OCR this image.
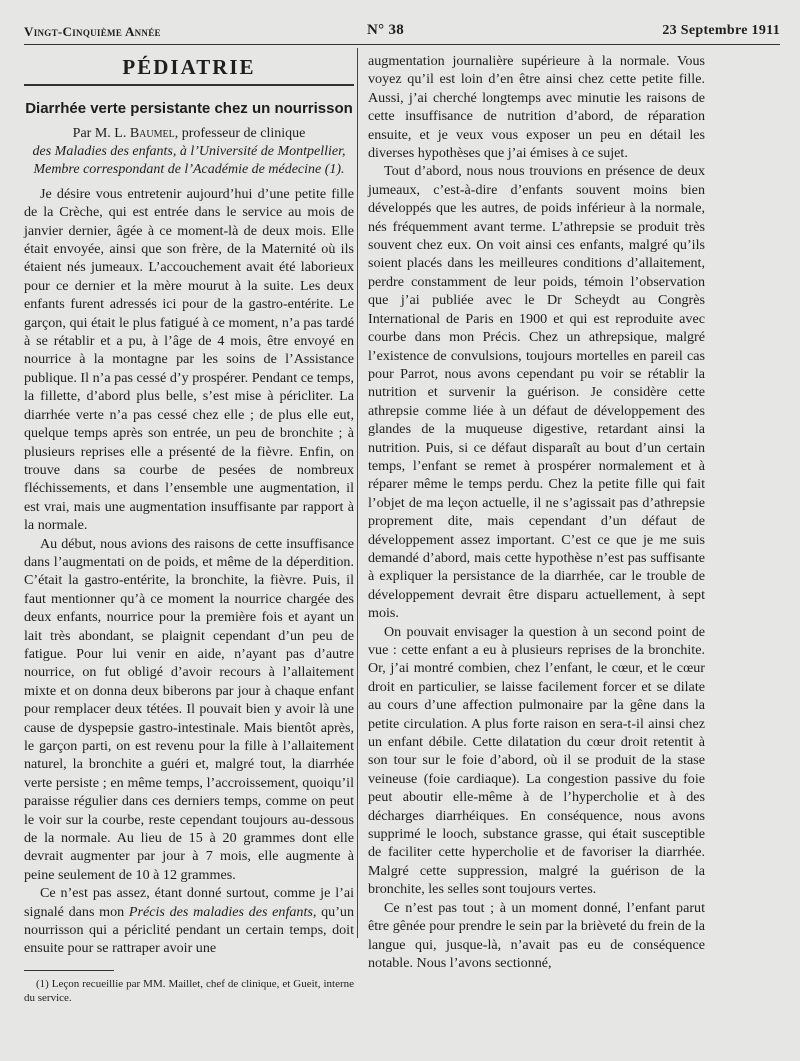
Vingt-Cinquième Année	N° 38	23 Septembre 1911
PÉDIATRIE
Diarrhée verte persistante chez un nourrisson
Par M. L. Baumel, professeur de clinique
des Maladies des enfants, à l’Université de Montpellier,
Membre correspondant de l’Académie de médecine (1).

Je désire vous entretenir aujourd’hui d’une petite fille de la Crèche, qui est entrée dans le service au mois de janvier dernier, âgée à ce moment-là de deux mois. Elle était envoyée, ainsi que son frère, de la Maternité où ils étaient nés jumeaux. L’accouchement avait été laborieux pour ce dernier et la mère mourut à la suite. Les deux enfants furent adressés ici pour de la gastro-entérite. Le garçon, qui était le plus fatigué à ce moment, n’a pas tardé à se rétablir et a pu, à l’âge de 4 mois, être envoyé en nourrice à la montagne par les soins de l’Assistance publique. Il n’a pas cessé d’y prospérer. Pendant ce temps, la fillette, d’abord plus belle, s’est mise à péricliter. La diarrhée verte n’a pas cessé chez elle ; de plus elle eut, quelque temps après son entrée, un peu de bronchite ; à plusieurs reprises elle a présenté de la fièvre. Enfin, on trouve dans sa courbe de pesées de nombreux fléchissements, et dans l’ensemble une augmentation, il est vrai, mais une augmentation insuffisante par rapport à la normale.

Au début, nous avions des raisons de cette insuffisance dans l’augmentati on de poids, et même de la déperdition. C’était la gastro-entérite, la bronchite, la fièvre. Puis, il faut mentionner qu’à ce moment la nourrice chargée des deux enfants, nourrice pour la première fois et ayant un lait très abondant, se plaignit cependant d’un peu de fatigue. Pour lui venir en aide, n’ayant pas d’autre nourrice, on fut obligé d’avoir recours à l’allaitement mixte et on donna deux biberons par jour à chaque enfant pour remplacer deux tétées. Il pouvait bien y avoir là une cause de dyspepsie gastro-intestinale. Mais bientôt après, le garçon parti, on est revenu pour la fille à l’allaitement naturel, la bronchite a guéri et, malgré tout, la diarrhée verte persiste ; en même temps, l’accroissement, quoiqu’il paraisse régulier dans ces derniers temps, comme on peut le voir sur la courbe, reste cependant toujours au-dessous de la normale. Au lieu de 15 à 20 grammes dont elle devrait augmenter par jour à 7 mois, elle augmente à peine seulement de 10 à 12 grammes.

Ce n’est pas assez, étant donné surtout, comme je l’ai signalé dans mon Précis des maladies des enfants, qu’un nourrisson qui a périclité pendant un certain temps, doit ensuite pour se rattraper avoir une

(1) Leçon recueillie par MM. Maillet, chef de clinique, et Gueit, interne du service.

augmentation journalière supérieure à la normale. Vous voyez qu’il est loin d’en être ainsi chez cette petite fille. Aussi, j’ai cherché longtemps avec minutie les raisons de cette insuffisance de nutrition d’abord, de réparation ensuite, et je veux vous exposer un peu en détail les diverses hypothèses que j’ai émises à ce sujet.

Tout d’abord, nous nous trouvions en présence de deux jumeaux, c’est-à-dire d’enfants souvent moins bien développés que les autres, de poids inférieur à la normale, nés fréquemment avant terme. L’athrepsie se produit très souvent chez eux. On voit ainsi ces enfants, malgré qu’ils soient placés dans les meilleures conditions d’allaitement, perdre constamment de leur poids, témoin l’observation que j’ai publiée avec le Dr Scheydt au Congrès International de Paris en 1900 et qui est reproduite avec courbe dans mon Précis. Chez un athrepsique, malgré l’existence de convulsions, toujours mortelles en pareil cas pour Parrot, nous avons cependant pu voir se rétablir la nutrition et survenir la guérison. Je considère cette athrepsie comme liée à un défaut de développement des glandes de la muqueuse digestive, retardant ainsi la nutrition. Puis, si ce défaut disparaît au bout d’un certain temps, l’enfant se remet à prospérer normalement et à réparer même le temps perdu. Chez la petite fille qui fait l’objet de ma leçon actuelle, il ne s’agissait pas d’athrepsie proprement dite, mais cependant d’un défaut de développement assez important. C’est ce que je me suis demandé d’abord, mais cette hypothèse n’est pas suffisante à expliquer la persistance de la diarrhée, car le trouble de développement devrait être disparu actuellement, à sept mois.

On pouvait envisager la question à un second point de vue : cette enfant a eu à plusieurs reprises de la bronchite. Or, j’ai montré combien, chez l’enfant, le cœur, et le cœur droit en particulier, se laisse facilement forcer et se dilate au cours d’une affection pulmonaire par la gêne dans la petite circulation. A plus forte raison en sera-t-il ainsi chez un enfant débile. Cette dilatation du cœur droit retentit à son tour sur le foie d’abord, où il se produit de la stase veineuse (foie cardiaque). La congestion passive du foie peut aboutir elle-même à de l’hypercholie et à des décharges diarrhéiques. En conséquence, nous avons supprimé le looch, substance grasse, qui était susceptible de faciliter cette hypercholie et de favoriser la diarrhée. Malgré cette suppression, malgré la guérison de la bronchite, les selles sont toujours vertes.

Ce n’est pas tout ; à un moment donné, l’enfant parut être gênée pour prendre le sein par la brièveté du frein de la langue qui, jusque-là, n’avait pas eu de conséquence notable. Nous l’avons sectionné,
